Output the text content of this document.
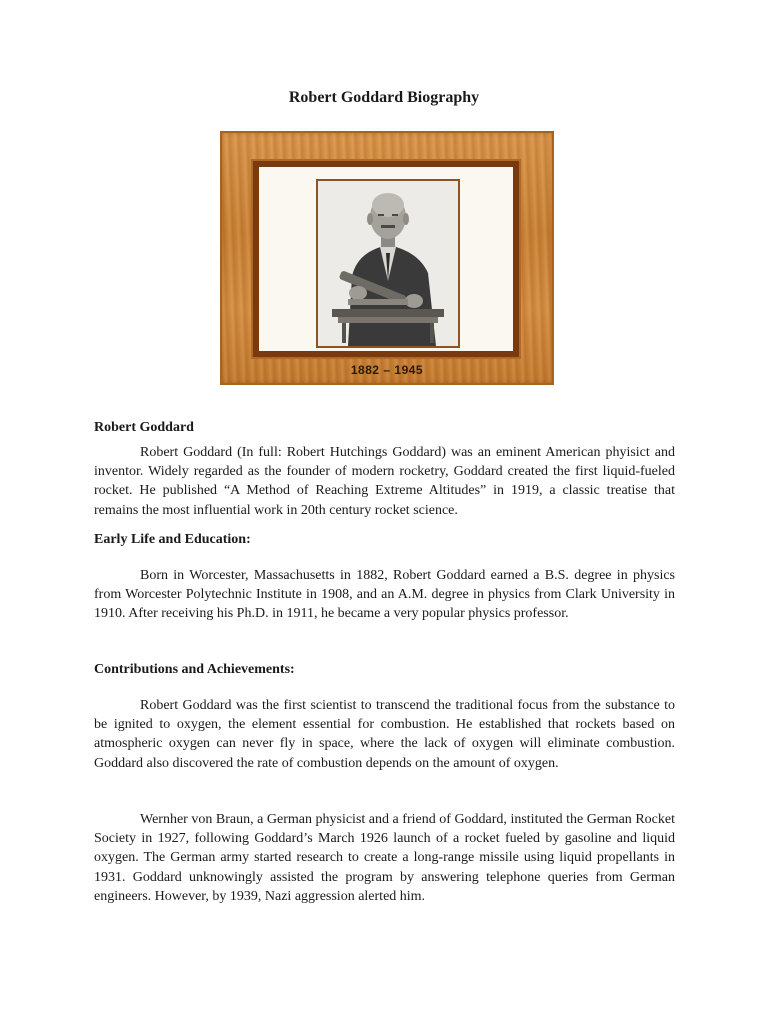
Robert Goddard Biography
1882 – 1945
Robert Goddard

Robert Goddard (In full: Robert Hutchings Goddard) was an eminent American phyisict and inventor. Widely regarded as the founder of modern rocketry, Goddard created the first liquid-fueled rocket. He published “A Method of Reaching Extreme Altitudes” in 1919, a classic treatise that remains the most influential work in 20th century rocket science.

Early Life and Education:

Born in Worcester, Massachusetts in 1882, Robert Goddard earned a B.S. degree in physics from Worcester Polytechnic Institute in 1908, and an A.M. degree in physics from Clark University in 1910. After receiving his Ph.D. in 1911, he became a very popular physics professor.

Contributions and Achievements:

Robert Goddard was the first scientist to transcend the traditional focus from the substance to be ignited to oxygen, the element essential for combustion. He established that rockets based on atmospheric oxygen can never fly in space, where the lack of oxygen will eliminate combustion. Goddard also discovered the rate of combustion depends on the amount of oxygen.

Wernher von Braun, a German physicist and a friend of Goddard, instituted the German Rocket Society in 1927, following Goddard’s March 1926 launch of a rocket fueled by gasoline and liquid oxygen. The German army started research to create a long-range missile using liquid propellants in 1931. Goddard unknowingly assisted the program by answering telephone queries from German engineers. However, by 1939, Nazi aggression alerted him.
